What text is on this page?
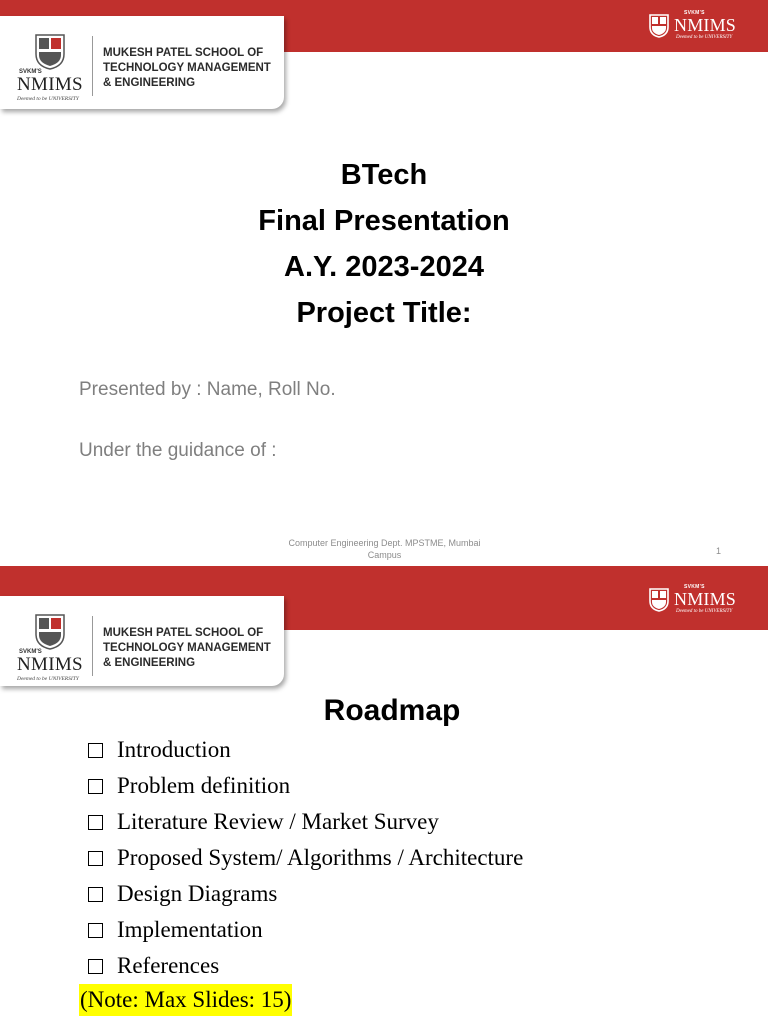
SVKM'S
NMIMS
Deemed to be UNIVERSITY
SVKM'S
NMIMS
Deemed to be UNIVERSITY
MUKESH PATEL SCHOOL OF
TECHNOLOGY MANAGEMENT
& ENGINEERING
BTech
Final Presentation
A.Y. 2023-2024
Project Title:
Presented by : Name, Roll No.
Under the guidance of :
Computer Engineering Dept. MPSTME, Mumbai
Campus	1
SVKM'S
NMIMS
Deemed to be UNIVERSITY
SVKM'S
NMIMS
Deemed to be UNIVERSITY
MUKESH PATEL SCHOOL OF
TECHNOLOGY MANAGEMENT
& ENGINEERING
Roadmap
Introduction
Problem definition
Literature Review / Market Survey
Proposed System/ Algorithms / Architecture
Design Diagrams
Implementation
References
(Note: Max Slides: 15)
